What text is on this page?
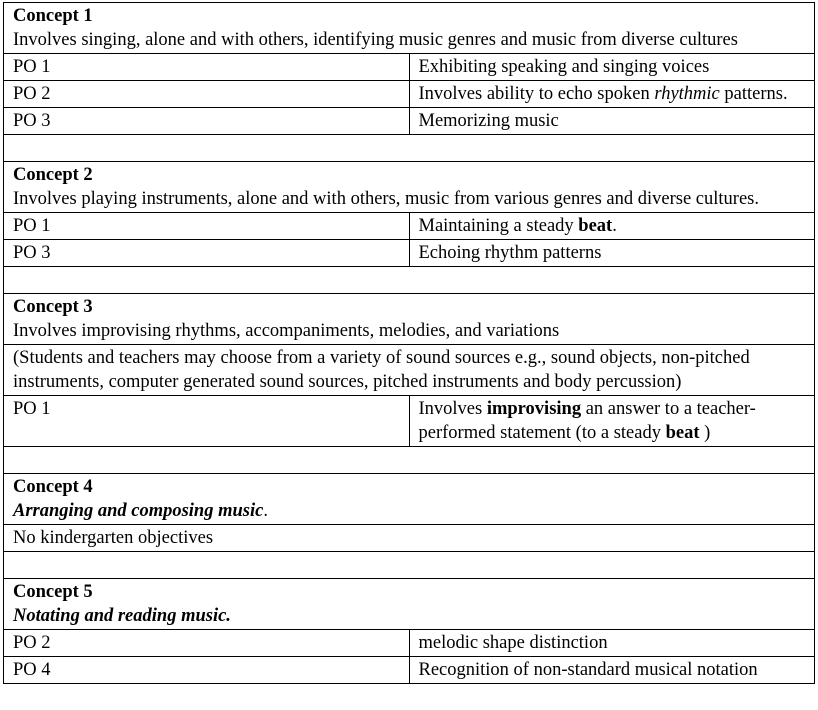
Concept 1
Involves singing, alone and with others, identifying music genres and music from diverse cultures	
PO 1	Exhibiting speaking and singing voices
PO 2	Involves ability to echo spoken rhythmic patterns.
PO 3	Memorizing music

Concept 2
Involves playing instruments, alone and with others, music from various genres and diverse cultures.	
PO 1	Maintaining a steady beat.
PO 3	Echoing rhythm patterns

Concept 3
Involves improvising rhythms, accompaniments, melodies, and variations	
(Students and teachers may choose from a variety of sound sources e.g., sound objects, non-pitched instruments, computer generated sound sources, pitched instruments and body percussion)	
PO 1	Involves improvising an answer to a teacher-performed statement (to a steady beat )

Concept 4
Arranging and composing music.	
No kindergarten objectives	

Concept 5
Notating and reading music.	
PO 2	melodic shape distinction
PO 4	Recognition of non-standard musical notation
